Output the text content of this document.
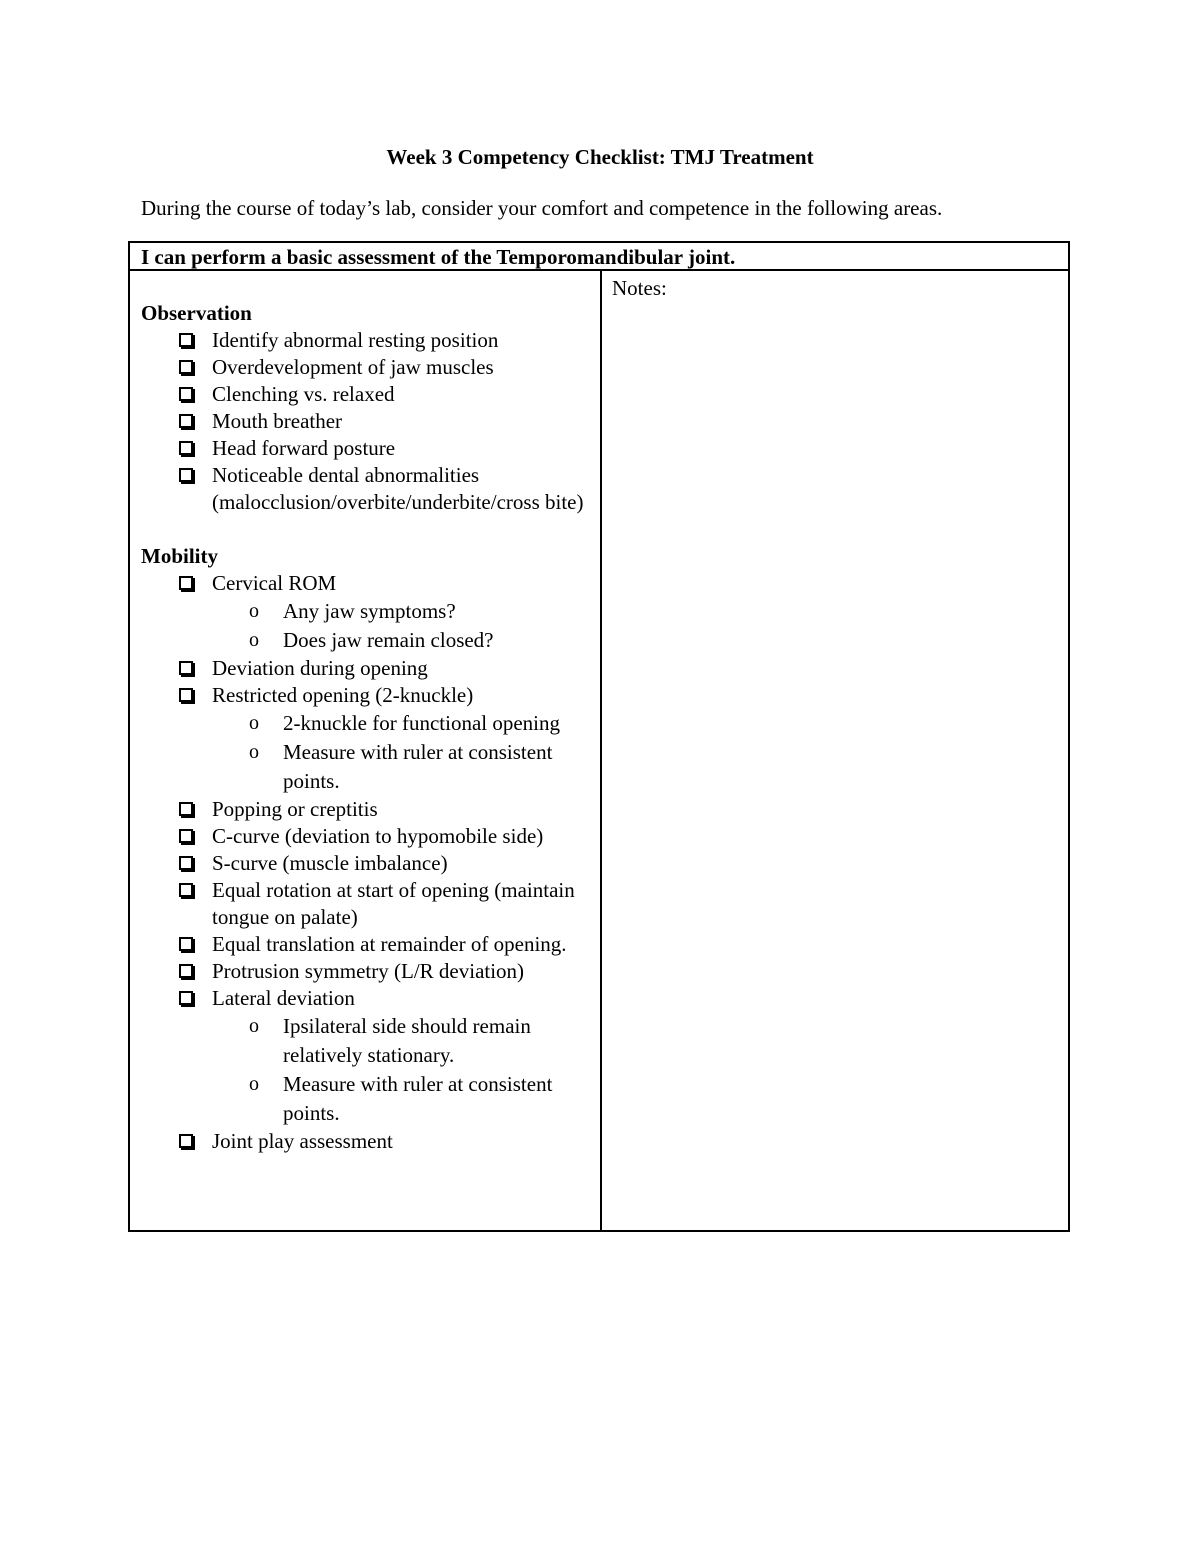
Week 3 Competency Checklist: TMJ Treatment
During the course of today’s lab, consider your comfort and competence in the following areas.
I can perform a basic assessment of the Temporomandibular joint.
Notes:
Observation
Identify abnormal resting position
Overdevelopment of jaw muscles
Clenching vs. relaxed
Mouth breather
Head forward posture
Noticeable dental abnormalities (malocclusion/overbite/underbite/cross bite)
Mobility
Cervical ROM
o Any jaw symptoms?
o Does jaw remain closed?
Deviation during opening
Restricted opening (2-knuckle)
o 2-knuckle for functional opening
o Measure with ruler at consistent points.
Popping or creptitis
C-curve (deviation to hypomobile side)
S-curve (muscle imbalance)
Equal rotation at start of opening (maintain tongue on palate)
Equal translation at remainder of opening.
Protrusion symmetry (L/R deviation)
Lateral deviation
o Ipsilateral side should remain relatively stationary.
o Measure with ruler at consistent points.
Joint play assessment
